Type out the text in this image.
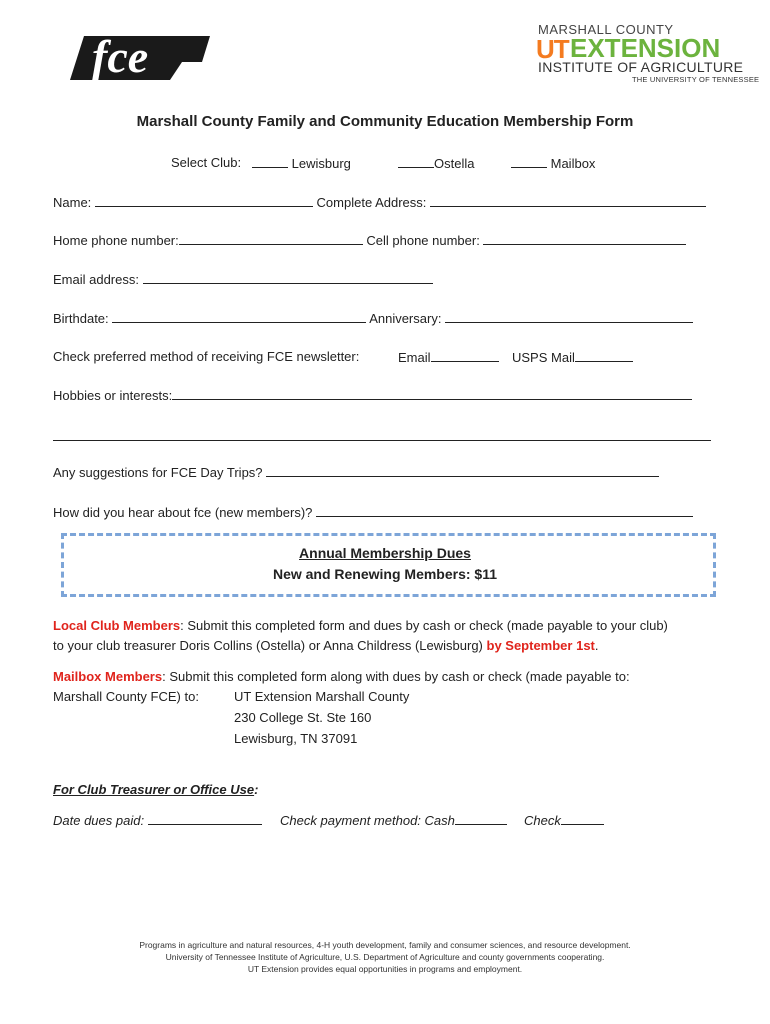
fce
MARSHALL COUNTY
UT EXTENSION
INSTITUTE OF AGRICULTURE
THE UNIVERSITY OF TENNESSEE
Marshall County Family and Community Education Membership Form
Select Club:	Lewisburg	Ostella	Mailbox
Name:	Complete Address:
Home phone number:	Cell phone number:
Email address:
Birthdate:	Anniversary:
Check preferred method of receiving FCE newsletter:	Email	USPS Mail
Hobbies or interests:
Any suggestions for FCE Day Trips?
How did you hear about fce (new members)?
Annual Membership Dues
New and Renewing Members: $11
Local Club Members: Submit this completed form and dues by cash or check (made payable to your club)
to your club treasurer Doris Collins (Ostella) or Anna Childress (Lewisburg) by September 1st.
Mailbox Members: Submit this completed form along with dues by cash or check (made payable to:
Marshall County FCE) to:	UT Extension Marshall County
230 College St. Ste 160
Lewisburg, TN 37091
For Club Treasurer or Office Use:
Date dues paid:	Check payment method: Cash	Check
Programs in agriculture and natural resources, 4-H youth development, family and consumer sciences, and resource development.
University of Tennessee Institute of Agriculture, U.S. Department of Agriculture and county governments cooperating.
UT Extension provides equal opportunities in programs and employment.
